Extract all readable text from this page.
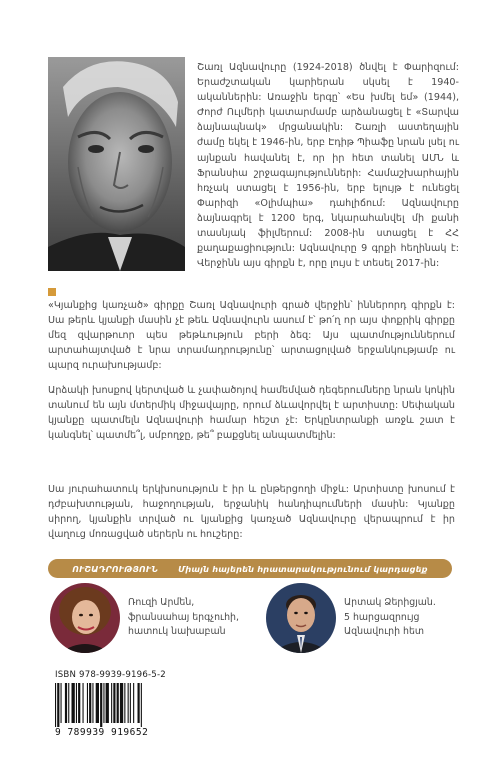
Շառլ Ազնավուրը (1924-2018) ծնվել է Փարիզում: Երաժշտական կարիերան սկսել է 1940-ականներին: Առաջին երգը՝ «Ես խմել եմ» (1944), Ժորժ Ուլմերի կատարմամբ արձանացել է «Տարվա ձայնապնակ» մրցանակին: Շառլի աստեղային ժամը եկել է 1946-ին, երբ Էդիթ Պիաֆը նրան լսել ու այնքան հավանել է, որ իր հետ տանել ԱՄՆ և Ֆրանսիա շրջագայությունների: Համաշխարհային հռչակ ստացել է 1956-ին, երբ ելույթ է ունեցել Փարիզի «Օլիմպիա» դահլիճում: Ազնավուրը ձայնագրել է 1200 երգ, նկարահանվել մի քանի տասնյակ ֆիլմերում: 2008-ին ստացել է ՀՀ քաղաքացիություն: Ազնավուրը 9 գրքի հեղինակ է: Վերջինն այս գիրքն է, որը լույս է տեսել 2017-ին:
«Կյանքից կառչած» գիրքը Շառլ Ազնավուրի գրած վերջին՝ իններորդ գիրքն է: Սա թերև կյանքի մասին չէ թեև Ազնավուրն ասում է՝ թո՛ղ որ այս փոքրիկ գիրքը մեզ զվարթուոր պես թեթևություն բերի ձեզ: Այս պատմություններում արտահայտված է նրա տրամադրությունը՝ արտացոլված երջանկությամբ ու պարզ ուրախությամբ:
Արձակի խոսքով կերտված և չափածոյով համեմված դեգերումները նրան կոկին տանում են այն մտերմիկ միջավայրը, որում ձևավորվել է արտիստը: Սեփական կյանքը պատմելն Ազնավուրի համար հեշտ չէ: Երկընտրանքի առջև շատ է կանգնել՝ պատմե՞լ, սմբողջը, թե՞ բաքցնել անպատմելին:
Սա յուրահատուկ երկխոսություն է իր և ընթերցողի միջև: Արտիստը խոսում է դժբախտության, հաջողության, երջանիկ հանդիպումների մասին: Կյանքը սիրող, կյանքին տրված ու կյանքից կառչած Ազնավուրը վերապրում է իր վաղուց մոռացված սերերն ու հուշերը:
ՈՒՇԱԴՐՈՒԹՅՈՒՆ Միայն հայերեն հրատարակությունում կարդացեք
Ռուզի Արմեն,
ֆրանսահայ երգչուհի,
հատուկ նախաբան
Արտակ Ձերիցյան.
5 հարցազրույց
Ազնավուրի հետ
ISBN 978-9939-9196-5-2
9 789939 919652
